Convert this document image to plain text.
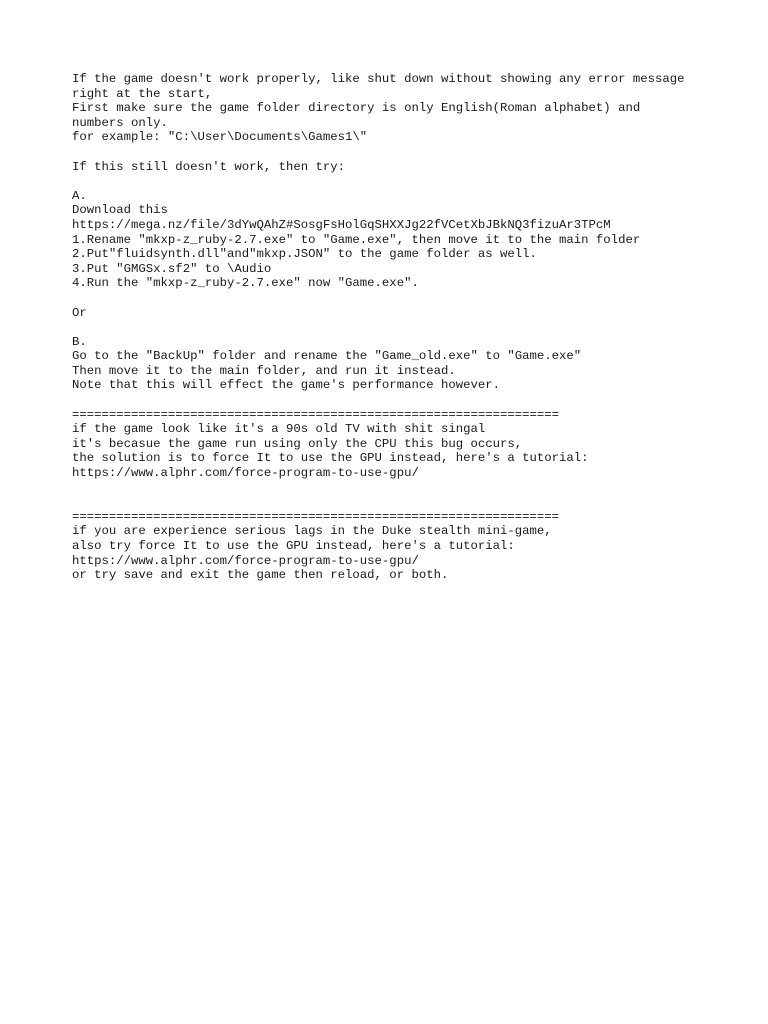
If the game doesn't work properly, like shut down without showing any error message
right at the start,
First make sure the game folder directory is only English(Roman alphabet) and
numbers only.
for example: "C:\User\Documents\Games1\"
If this still doesn't work, then try:
A.
Download this
https://mega.nz/file/3dYwQAhZ#SosgFsHolGqSHXXJg22fVCetXbJBkNQ3fizuAr3TPcM
1.Rename "mkxp-z_ruby-2.7.exe" to "Game.exe", then move it to the main folder
2.Put"fluidsynth.dll"and"mkxp.JSON" to the game folder as well.
3.Put "GMGSx.sf2" to \Audio
4.Run the "mkxp-z_ruby-2.7.exe" now "Game.exe".
Or
B.
Go to the "BackUp" folder and rename the "Game_old.exe" to "Game.exe"
Then move it to the main folder, and run it instead.
Note that this will effect the game's performance however.
==================================================================
if the game look like it's a 90s old TV with shit singal
it's becasue the game run using only the CPU this bug occurs,
the solution is to force It to use the GPU instead, here's a tutorial:
https://www.alphr.com/force-program-to-use-gpu/
==================================================================
if you are experience serious lags in the Duke stealth mini-game,
also try force It to use the GPU instead, here's a tutorial:
https://www.alphr.com/force-program-to-use-gpu/
or try save and exit the game then reload, or both.
